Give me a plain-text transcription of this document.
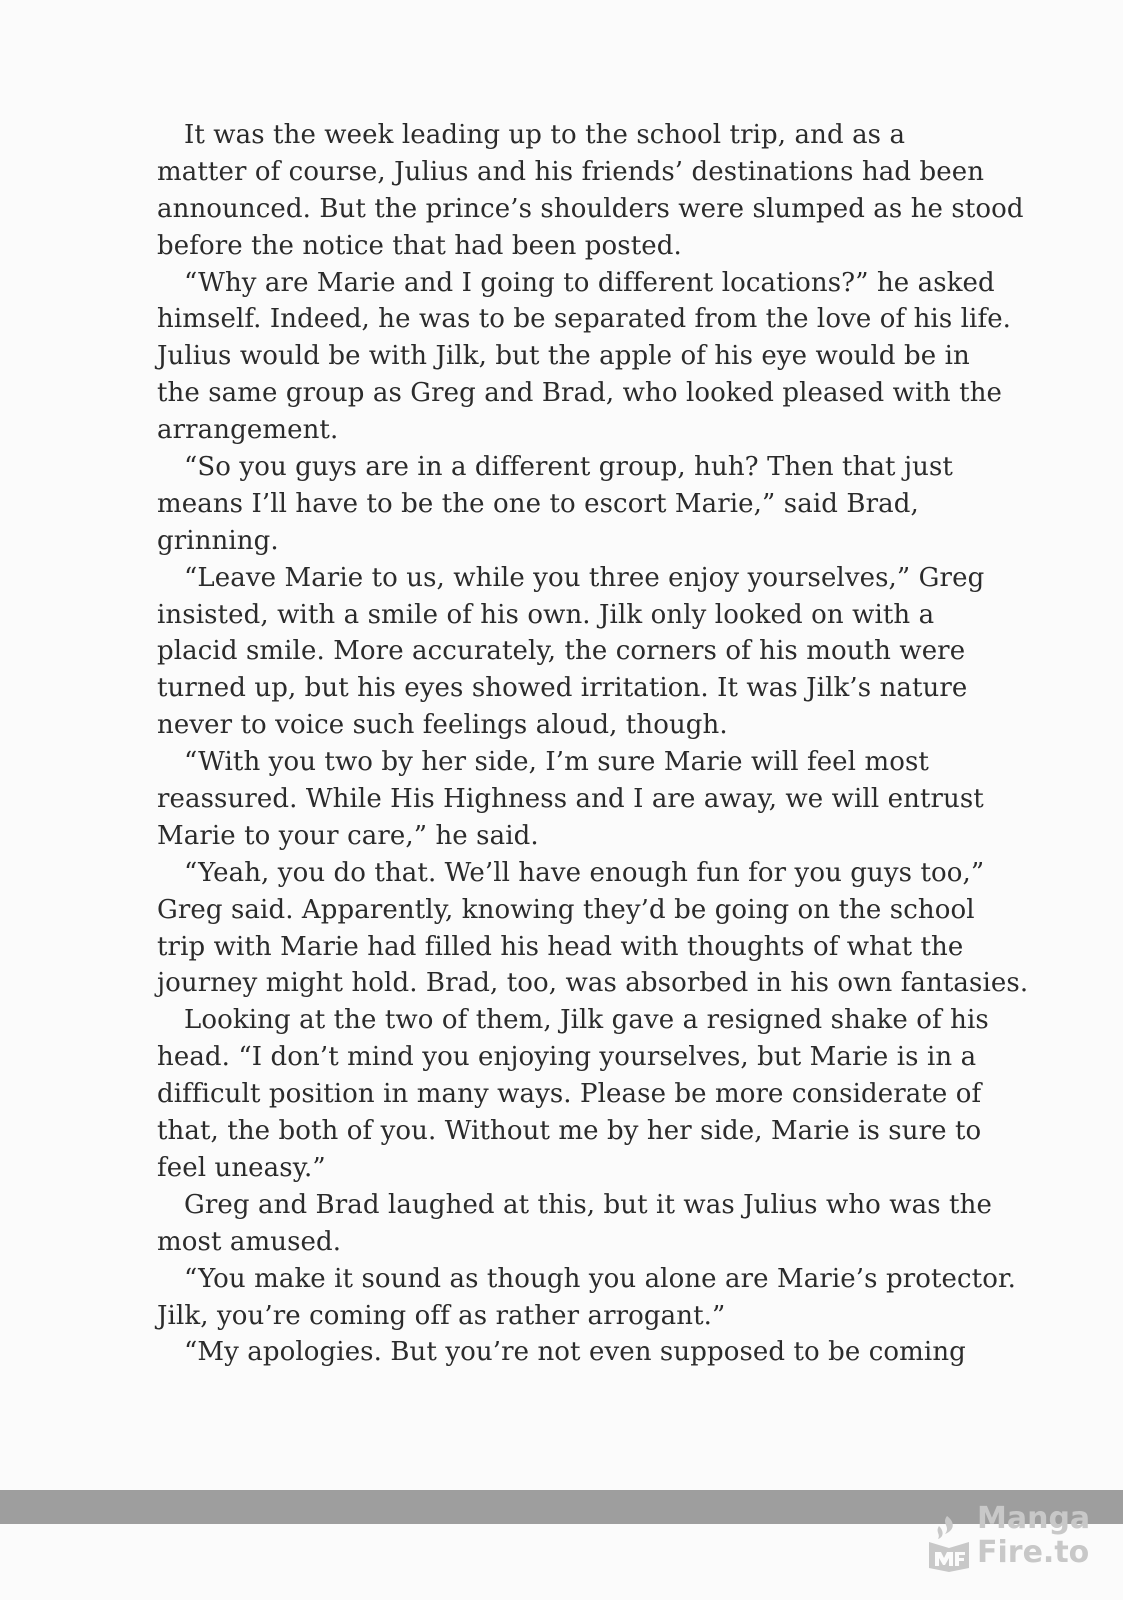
It was the week leading up to the school trip, and as a
matter of course, Julius and his friends’ destinations had been
announced. But the prince’s shoulders were slumped as he stood
before the notice that had been posted.
“Why are Marie and I going to different locations?” he asked
himself. Indeed, he was to be separated from the love of his life.
Julius would be with Jilk, but the apple of his eye would be in
the same group as Greg and Brad, who looked pleased with the
arrangement.
“So you guys are in a different group, huh? Then that just
means I’ll have to be the one to escort Marie,” said Brad,
grinning.
“Leave Marie to us, while you three enjoy yourselves,” Greg
insisted, with a smile of his own. Jilk only looked on with a
placid smile. More accurately, the corners of his mouth were
turned up, but his eyes showed irritation. It was Jilk’s nature
never to voice such feelings aloud, though.
“With you two by her side, I’m sure Marie will feel most
reassured. While His Highness and I are away, we will entrust
Marie to your care,” he said.
“Yeah, you do that. We’ll have enough fun for you guys too,”
Greg said. Apparently, knowing they’d be going on the school
trip with Marie had filled his head with thoughts of what the
journey might hold. Brad, too, was absorbed in his own fantasies.
Looking at the two of them, Jilk gave a resigned shake of his
head. “I don’t mind you enjoying yourselves, but Marie is in a
difficult position in many ways. Please be more considerate of
that, the both of you. Without me by her side, Marie is sure to
feel uneasy.”
Greg and Brad laughed at this, but it was Julius who was the
most amused.
“You make it sound as though you alone are Marie’s protector.
Jilk, you’re coming off as rather arrogant.”
“My apologies. But you’re not even supposed to be coming
Manga
Fire.to
